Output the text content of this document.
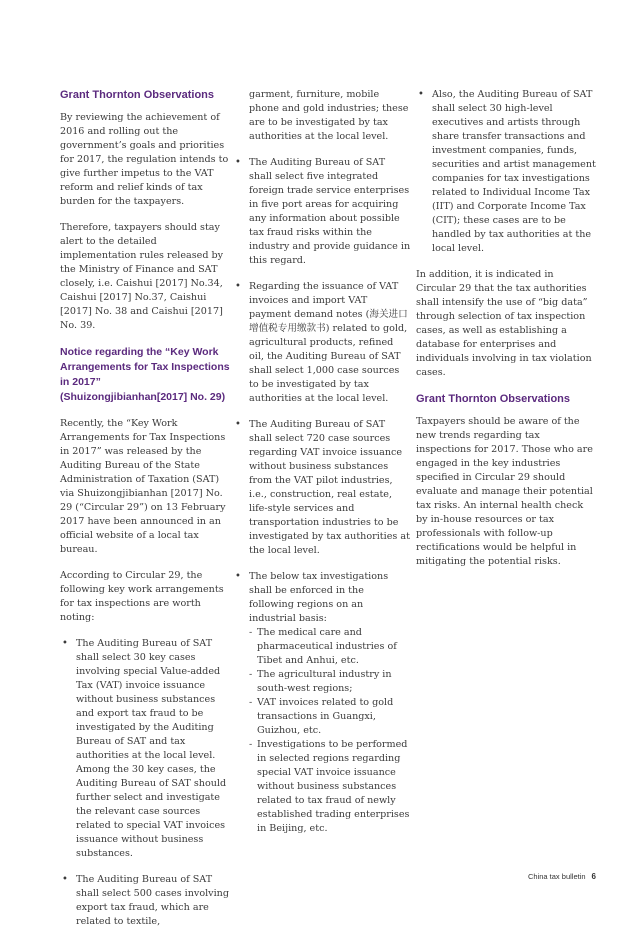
Grant Thornton Observations

By reviewing the achievement of 2016 and rolling out the government’s goals and priorities for 2017, the regulation intends to give further impetus to the VAT reform and relief kinds of tax burden for the taxpayers.

Therefore, taxpayers should stay alert to the detailed implementation rules released by the Ministry of Finance and SAT closely, i.e. Caishui [2017] No.34, Caishui [2017] No.37, Caishui [2017] No. 38 and Caishui [2017] No. 39.

Notice regarding the “Key Work Arrangements for Tax Inspections in 2017” (Shuizongjibianhan[2017] No. 29)

Recently, the “Key Work Arrangements for Tax Inspections in 2017” was released by the Auditing Bureau of the State Administration of Taxation (SAT) via Shuizongjibianhan [2017] No. 29 (“Circular 29”) on 13 February 2017 have been announced in an official website of a local tax bureau.

According to Circular 29, the following key work arrangements for tax inspections are worth noting:

• The Auditing Bureau of SAT shall select 30 key cases involving special Value-added Tax (VAT) invoice issuance without business substances and export tax fraud to be investigated by the Auditing Bureau of SAT and tax authorities at the local level. Among the 30 key cases, the Auditing Bureau of SAT should further select and investigate the relevant case sources related to special VAT invoices issuance without business substances.
• The Auditing Bureau of SAT shall select 500 cases involving export tax fraud, which are related to textile,

garment, furniture, mobile phone and gold industries; these are to be investigated by tax authorities at the local level.

• The Auditing Bureau of SAT shall select five integrated foreign trade service enterprises in five port areas for acquiring any information about possible tax fraud risks within the industry and provide guidance in this regard.
• Regarding the issuance of VAT invoices and import VAT payment demand notes (海关进口增值税专用缴款书) related to gold, agricultural products, refined oil, the Auditing Bureau of SAT shall select 1,000 case sources to be investigated by tax authorities at the local level.
• The Auditing Bureau of SAT shall select 720 case sources regarding VAT invoice issuance without business substances from the VAT pilot industries, i.e., construction, real estate, life-style services and transportation industries to be investigated by tax authorities at the local level.
• The below tax investigations shall be enforced in the following regions on an industrial basis:
- The medical care and pharmaceutical industries of Tibet and Anhui, etc.
- The agricultural industry in south-west regions;
- VAT invoices related to gold transactions in Guangxi, Guizhou, etc.
- Investigations to be performed in selected regions regarding special VAT invoice issuance without business substances related to tax fraud of newly established trading enterprises in Beijing, etc.
• Also, the Auditing Bureau of SAT shall select 30 high-level executives and artists through share transfer transactions and investment companies, funds, securities and artist management companies for tax investigations related to Individual Income Tax (IIT) and Corporate Income Tax (CIT); these cases are to be handled by tax authorities at the local level.

In addition, it is indicated in Circular 29 that the tax authorities shall intensify the use of “big data” through selection of tax inspection cases, as well as establishing a database for enterprises and individuals involving in tax violation cases.

Grant Thornton Observations

Taxpayers should be aware of the new trends regarding tax inspections for 2017. Those who are engaged in the key industries specified in Circular 29 should evaluate and manage their potential tax risks. An internal health check by in-house resources or tax professionals with follow-up rectifications would be helpful in mitigating the potential risks.

China tax bulletin 6
